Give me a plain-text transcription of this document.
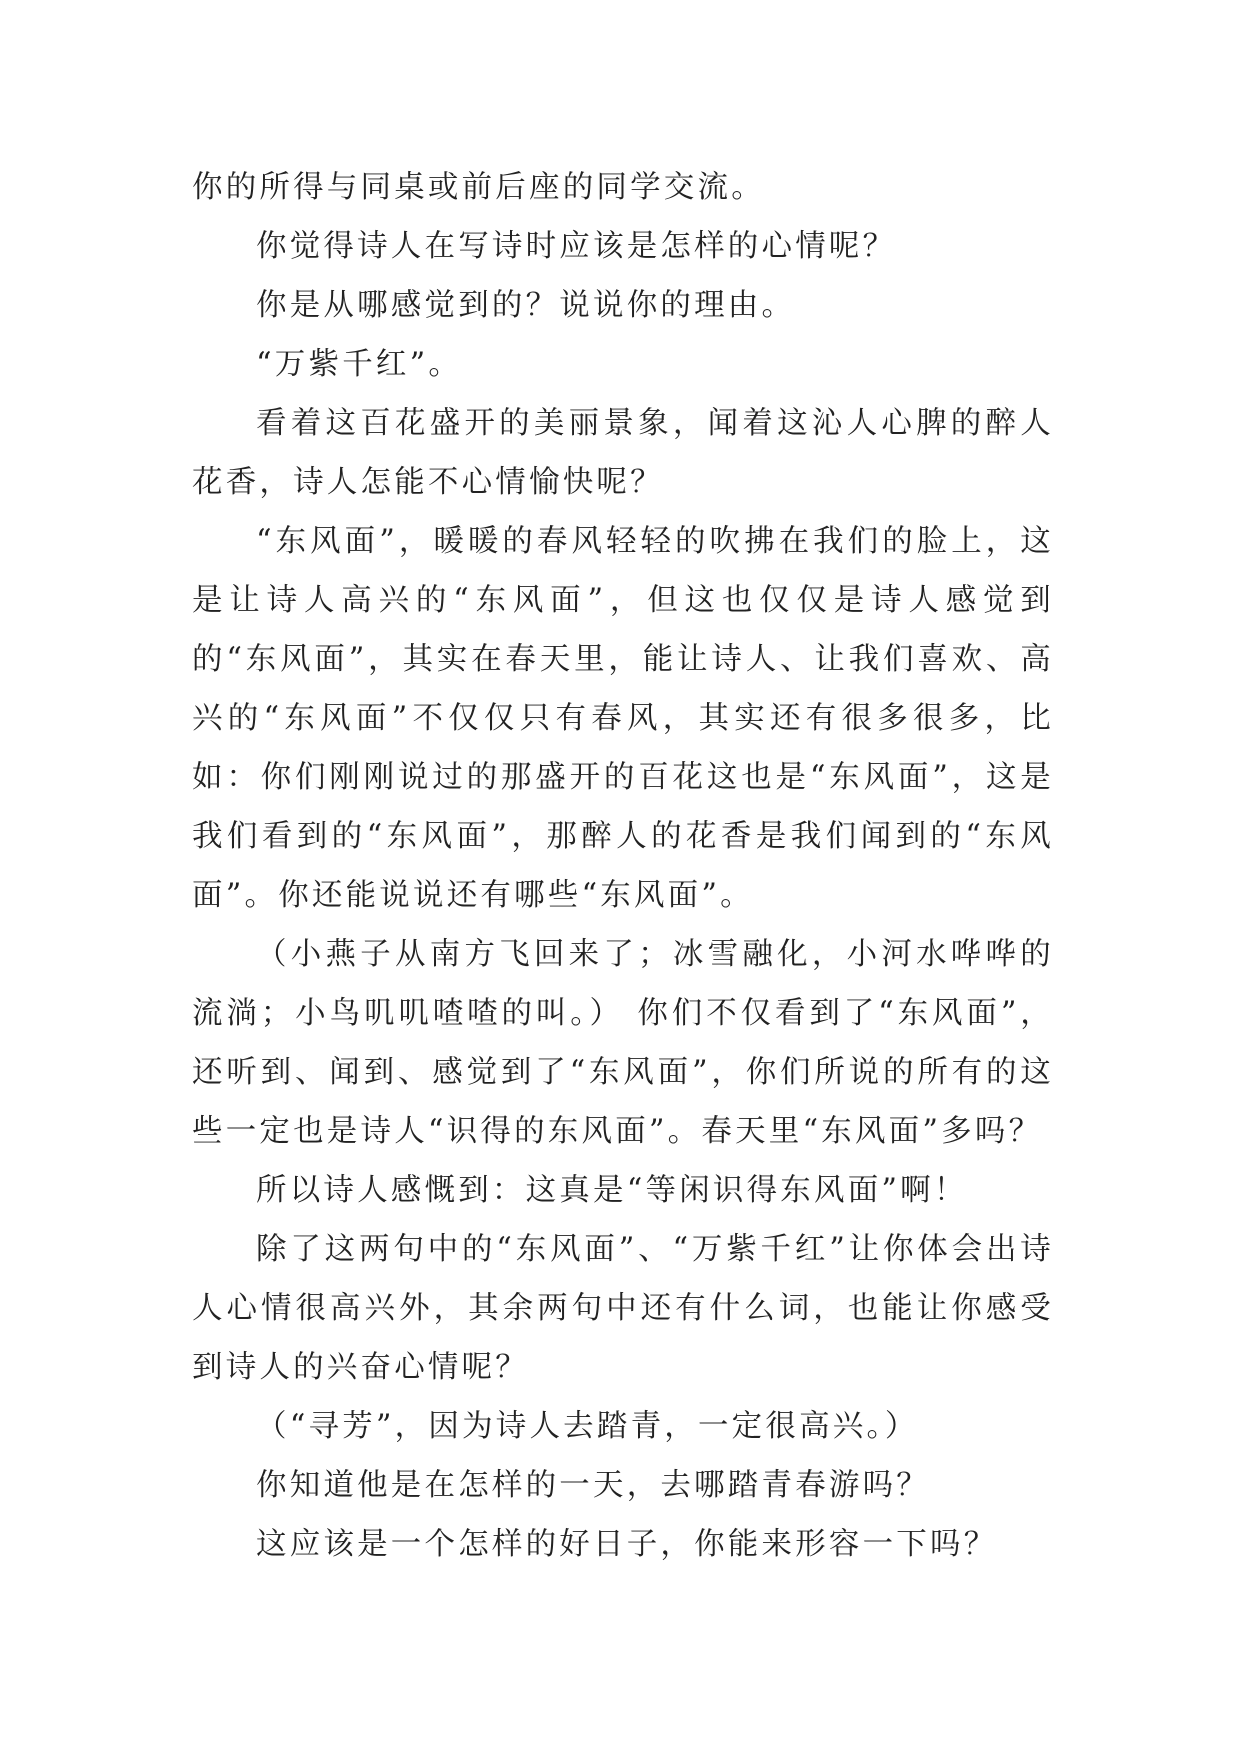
你的所得与同桌或前后座的同学交流。

你觉得诗人在写诗时应该是怎样的心情呢？

你是从哪感觉到的？说说你的理由。

“万紫千红”。

看着这百花盛开的美丽景象，闻着这沁人心脾的醉人花香，诗人怎能不心情愉快呢？

“东风面”，暖暖的春风轻轻的吹拂在我们的脸上，这是让诗人高兴的“东风面”，但这也仅仅是诗人感觉到的“东风面”，其实在春天里，能让诗人、让我们喜欢、高兴的“东风面”不仅仅只有春风，其实还有很多很多，比如：你们刚刚说过的那盛开的百花这也是“东风面”，这是我们看到的“东风面”，那醉人的花香是我们闻到的“东风面”。你还能说说还有哪些“东风面”。

（小燕子从南方飞回来了；冰雪融化，小河水哗哗的流淌；小鸟叽叽喳喳的叫。） 你们不仅看到了“东风面”，还听到、闻到、感觉到了“东风面”，你们所说的所有的这些一定也是诗人“识得的东风面”。春天里“东风面”多吗？

所以诗人感慨到：这真是“等闲识得东风面”啊！

除了这两句中的“东风面”、“万紫千红”让你体会出诗人心情很高兴外，其余两句中还有什么词，也能让你感受到诗人的兴奋心情呢？

（“寻芳”，因为诗人去踏青，一定很高兴。）

你知道他是在怎样的一天，去哪踏青春游吗？

这应该是一个怎样的好日子，你能来形容一下吗？
